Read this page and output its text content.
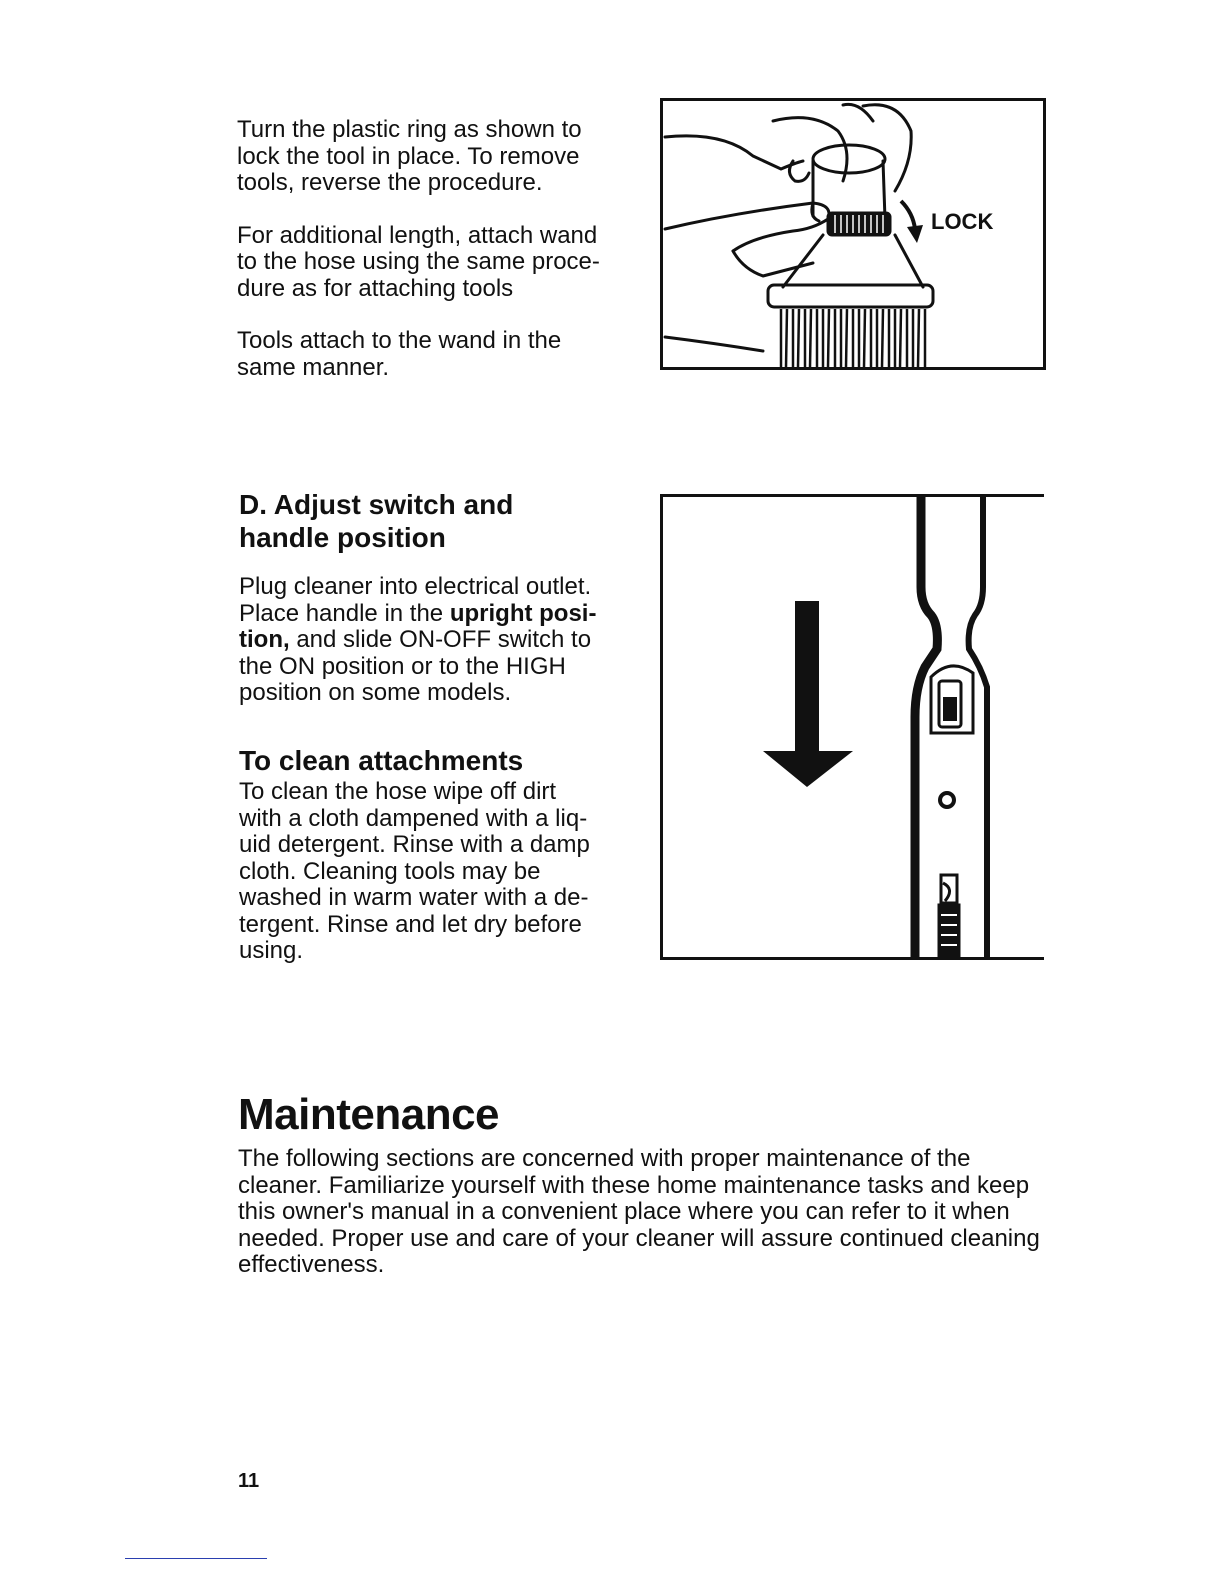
Turn the plastic ring as shown to
lock the tool in place. To remove
tools, reverse the procedure.

For additional length, attach wand
to the hose using the same proce-
dure as for attaching tools

Tools attach to the wand in the
same manner.

LOCK
D. Adjust switch and
handle position

Plug cleaner into electrical outlet.
Place handle in the upright posi-
tion, and slide ON-OFF switch to
the ON position or to the HIGH
position on some models.

To clean attachments

To clean the hose wipe off dirt
with a cloth dampened with a liq-
uid detergent. Rinse with a damp
cloth. Cleaning tools may be
washed in warm water with a de-
tergent. Rinse and let dry before
using.

Maintenance

The following sections are concerned with proper maintenance of the cleaner. Familiarize yourself with these home maintenance tasks and keep this owner's manual in a convenient place where you can refer to it when needed. Proper use and care of your cleaner will assure continued cleaning effectiveness.

11
